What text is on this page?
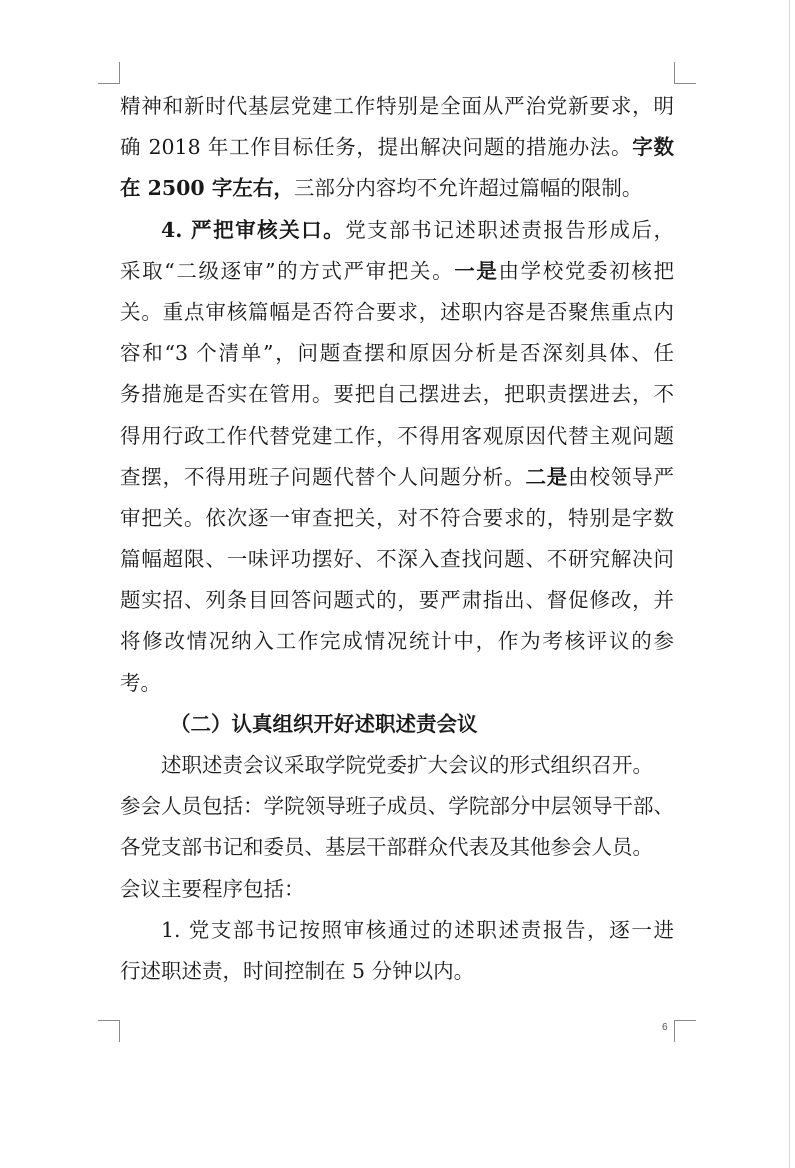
精神和新时代基层党建工作特别是全面从严治党新要求，明
确 2018 年工作目标任务，提出解决问题的措施办法。字数
在 2500 字左右，三部分内容均不允许超过篇幅的限制。
4. 严把审核关口。党支部书记述职述责报告形成后，
采取“二级逐审”的方式严审把关。一是由学校党委初核把
关。重点审核篇幅是否符合要求，述职内容是否聚焦重点内
容和“3 个清单”，问题查摆和原因分析是否深刻具体、任
务措施是否实在管用。要把自己摆进去，把职责摆进去，不
得用行政工作代替党建工作，不得用客观原因代替主观问题
查摆，不得用班子问题代替个人问题分析。二是由校领导严
审把关。依次逐一审查把关，对不符合要求的，特别是字数
篇幅超限、一味评功摆好、不深入查找问题、不研究解决问
题实招、列条目回答问题式的，要严肃指出、督促修改，并
将修改情况纳入工作完成情况统计中，作为考核评议的参
考。
（二）认真组织开好述职述责会议
述职述责会议采取学院党委扩大会议的形式组织召开。
参会人员包括：学院领导班子成员、学院部分中层领导干部、
各党支部书记和委员、基层干部群众代表及其他参会人员。
会议主要程序包括：
1. 党支部书记按照审核通过的述职述责报告，逐一进
行述职述责，时间控制在 5 分钟以内。
6
